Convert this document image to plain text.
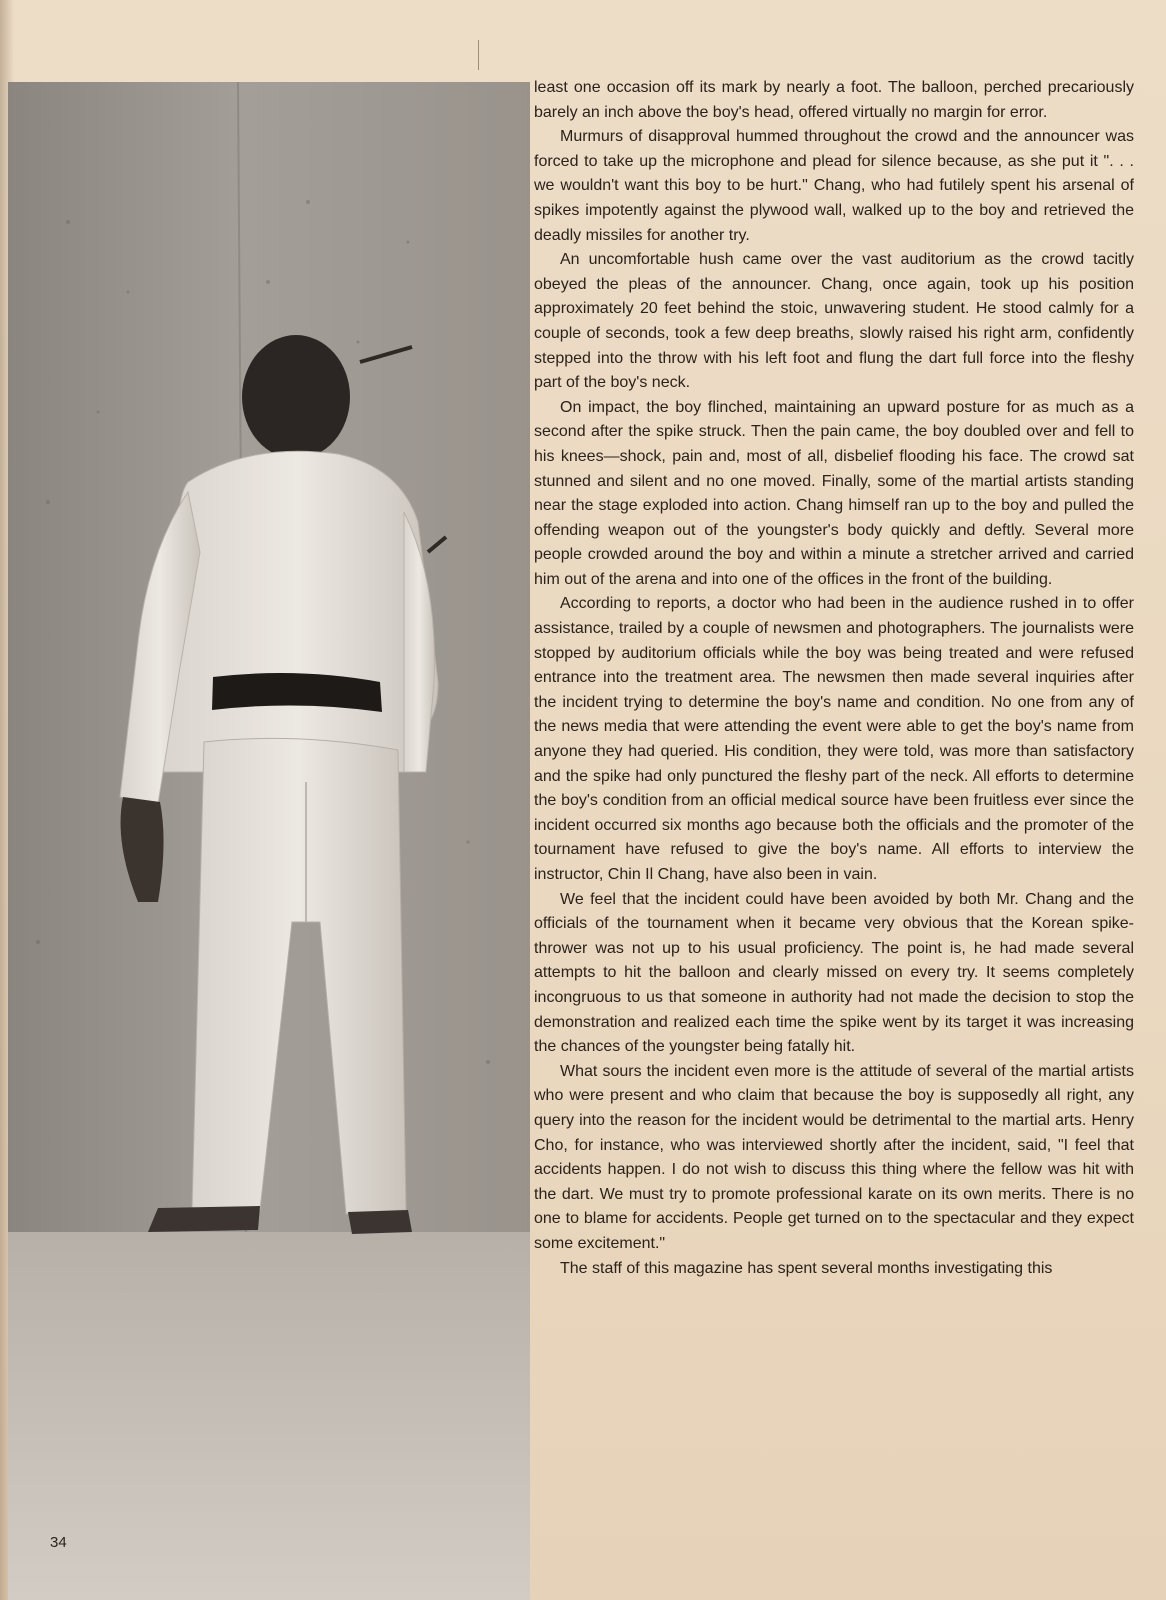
least one occasion off its mark by nearly a foot. The balloon, perched precariously barely an inch above the boy's head, offered virtually no margin for error.

Murmurs of disapproval hummed throughout the crowd and the announcer was forced to take up the microphone and plead for silence because, as she put it ". . . we wouldn't want this boy to be hurt." Chang, who had futilely spent his arsenal of spikes impotently against the plywood wall, walked up to the boy and retrieved the deadly missiles for another try.

An uncomfortable hush came over the vast auditorium as the crowd tacitly obeyed the pleas of the announcer. Chang, once again, took up his position approximately 20 feet behind the stoic, unwavering student. He stood calmly for a couple of seconds, took a few deep breaths, slowly raised his right arm, confidently stepped into the throw with his left foot and flung the dart full force into the fleshy part of the boy's neck.

On impact, the boy flinched, maintaining an upward posture for as much as a second after the spike struck. Then the pain came, the boy doubled over and fell to his knees—shock, pain and, most of all, disbelief flooding his face. The crowd sat stunned and silent and no one moved. Finally, some of the martial artists standing near the stage exploded into action. Chang himself ran up to the boy and pulled the offending weapon out of the youngster's body quickly and deftly. Several more people crowded around the boy and within a minute a stretcher arrived and carried him out of the arena and into one of the offices in the front of the building.

According to reports, a doctor who had been in the audience rushed in to offer assistance, trailed by a couple of newsmen and photographers. The journalists were stopped by auditorium officials while the boy was being treated and were refused entrance into the treatment area. The newsmen then made several inquiries after the incident trying to determine the boy's name and condition. No one from any of the news media that were attending the event were able to get the boy's name from anyone they had queried. His condition, they were told, was more than satisfactory and the spike had only punctured the fleshy part of the neck. All efforts to determine the boy's condition from an official medical source have been fruitless ever since the incident occurred six months ago because both the officials and the promoter of the tournament have refused to give the boy's name. All efforts to interview the instructor, Chin Il Chang, have also been in vain.

We feel that the incident could have been avoided by both Mr. Chang and the officials of the tournament when it became very obvious that the Korean spike-thrower was not up to his usual proficiency. The point is, he had made several attempts to hit the balloon and clearly missed on every try. It seems completely incongruous to us that someone in authority had not made the decision to stop the demonstration and realized each time the spike went by its target it was increasing the chances of the youngster being fatally hit.

What sours the incident even more is the attitude of several of the martial artists who were present and who claim that because the boy is supposedly all right, any query into the reason for the incident would be detrimental to the martial arts. Henry Cho, for instance, who was interviewed shortly after the incident, said, "I feel that accidents happen. I do not wish to discuss this thing where the fellow was hit with the dart. We must try to promote professional karate on its own merits. There is no one to blame for accidents. People get turned on to the spectacular and they expect some excitement."

The staff of this magazine has spent several months investigating this

34
